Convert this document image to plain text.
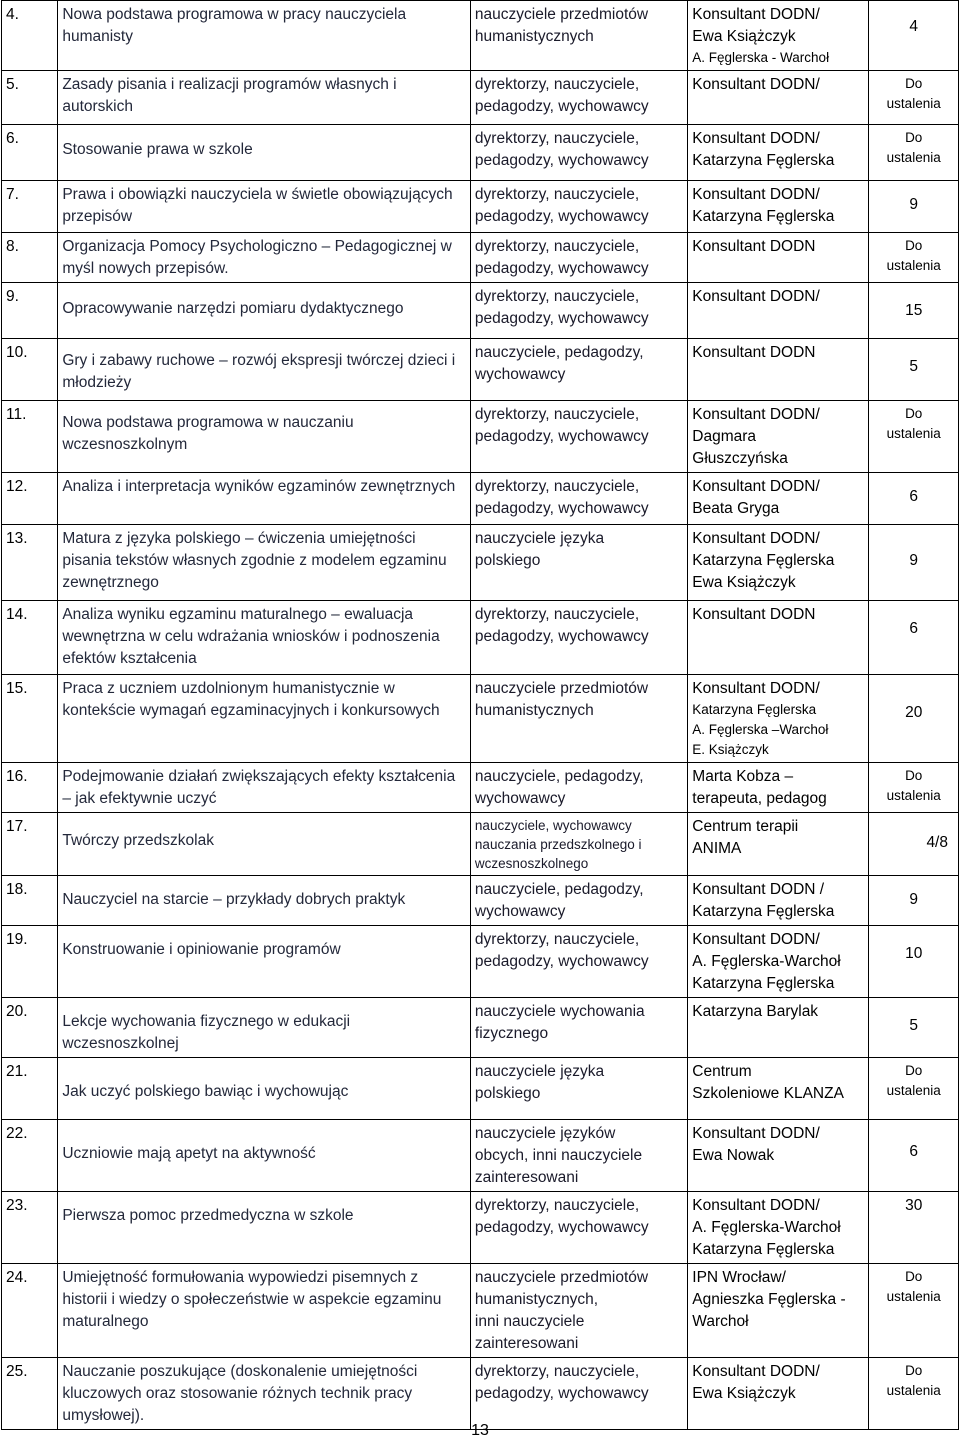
4.	Nowa podstawa programowa w pracy nauczyciela humanisty	nauczyciele przedmiotów
humanistycznych	Konsultant DODN/
Ewa Książczyk
A. Fęglerska - Warchoł	4

5.	Zasady pisania i realizacji programów własnych i autorskich	dyrektorzy, nauczyciele,
pedagodzy, wychowawcy	Konsultant DODN/	Do ustalenia

6.	Stosowanie prawa w szkole	dyrektorzy, nauczyciele,
pedagodzy, wychowawcy	Konsultant DODN/
Katarzyna Fęglerska	Do ustalenia

7.	Prawa i obowiązki nauczyciela w świetle obowiązujących przepisów	dyrektorzy, nauczyciele,
pedagodzy, wychowawcy	Konsultant DODN/
Katarzyna Fęglerska	9

8.	Organizacja Pomocy Psychologiczno – Pedagogicznej w myśl nowych przepisów.	dyrektorzy, nauczyciele,
pedagodzy, wychowawcy	Konsultant DODN	Do ustalenia

9.	Opracowywanie narzędzi pomiaru dydaktycznego	dyrektorzy, nauczyciele,
pedagodzy, wychowawcy	Konsultant DODN/	15

10.	Gry i zabawy ruchowe – rozwój ekspresji twórczej dzieci i młodzieży	nauczyciele, pedagodzy,
wychowawcy	Konsultant DODN	5

11.	Nowa podstawa programowa w nauczaniu wczesnoszkolnym	dyrektorzy, nauczyciele,
pedagodzy, wychowawcy	Konsultant DODN/
Dagmara
Głuszczyńska	Do ustalenia

12.	Analiza i interpretacja wyników egzaminów zewnętrznych	dyrektorzy, nauczyciele,
pedagodzy, wychowawcy	Konsultant DODN/
Beata Gryga	6

13.	Matura z języka polskiego – ćwiczenia umiejętności pisania tekstów własnych zgodnie z modelem egzaminu zewnętrznego	nauczyciele języka
polskiego	Konsultant DODN/
Katarzyna Fęglerska
Ewa Książczyk	9

14.	Analiza wyniku egzaminu maturalnego – ewaluacja wewnętrzna w celu wdrażania wniosków i podnoszenia efektów kształcenia	dyrektorzy, nauczyciele,
pedagodzy, wychowawcy	Konsultant DODN	6

15.	Praca z uczniem uzdolnionym humanistycznie w kontekście wymagań egzaminacyjnych i konkursowych	nauczyciele przedmiotów
humanistycznych	Konsultant DODN/
Katarzyna Fęglerska
A. Fęglerska –Warchoł
E. Książczyk	20

16.	Podejmowanie działań zwiększających efekty kształcenia – jak efektywnie uczyć	nauczyciele, pedagodzy,
wychowawcy	Marta Kobza –
terapeuta, pedagog	Do ustalenia

17.	Twórczy przedszkolak	nauczyciele, wychowawcy
nauczania przedszkolnego i
wczesnoszkolnego	Centrum terapii
ANIMA	4/8

18.	Nauczyciel na starcie – przykłady dobrych praktyk	nauczyciele, pedagodzy,
wychowawcy	Konsultant DODN /
Katarzyna Fęglerska	9

19.	Konstruowanie i opiniowanie programów	dyrektorzy, nauczyciele,
pedagodzy, wychowawcy	Konsultant DODN/
A. Fęglerska-Warchoł
Katarzyna Fęglerska	10

20.	Lekcje wychowania fizycznego w edukacji wczesnoszkolnej	nauczyciele wychowania
fizycznego	Katarzyna Barylak	5

21.	Jak uczyć polskiego bawiąc i wychowując	nauczyciele języka
polskiego	Centrum
Szkoleniowe KLANZA	Do ustalenia

22.	Uczniowie mają apetyt na aktywność	nauczyciele języków
obcych, inni nauczyciele
zainteresowani	Konsultant DODN/
Ewa Nowak	6

23.	Pierwsza pomoc przedmedyczna w szkole	dyrektorzy, nauczyciele,
pedagodzy, wychowawcy	Konsultant DODN/
A. Fęglerska-Warchoł
Katarzyna Fęglerska	30

24.	Umiejętność formułowania wypowiedzi pisemnych z historii i wiedzy o społeczeństwie w aspekcie egzaminu maturalnego	nauczyciele przedmiotów
humanistycznych,
inni nauczyciele
zainteresowani	IPN Wrocław/
Agnieszka Fęglerska -
Warchoł	Do ustalenia

25.	Nauczanie poszukujące (doskonalenie umiejętności kluczowych oraz stosowanie różnych technik pracy umysłowej).	dyrektorzy, nauczyciele,
pedagodzy, wychowawcy	Konsultant DODN/
Ewa Książczyk	Do ustalenia
13
